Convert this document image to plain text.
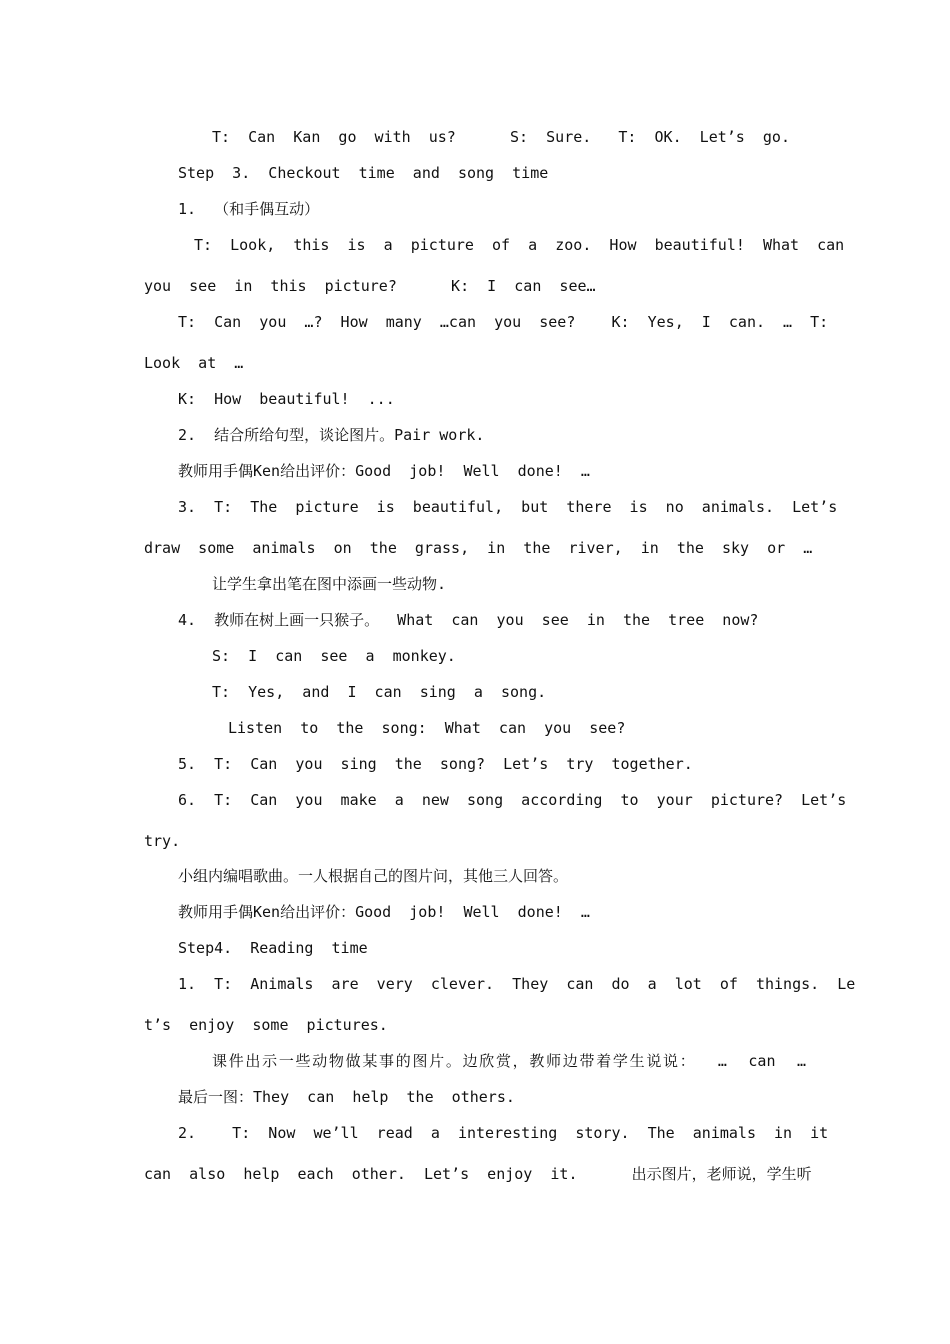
T:  Can  Kan  go  with  us?      S:  Sure.   T:  OK.  Let’s  go.
Step  3.  Checkout  time  and  song  time
1.  （和手偶互动）
T:  Look,  this  is  a  picture  of  a  zoo.  How  beautiful!  What  can
you  see  in  this  picture?      K:  I  can  see…
T:  Can  you  …?  How  many  …can  you  see?    K:  Yes,  I  can.  …  T:
Look  at  …
K:  How  beautiful!  ...
2.  结合所给句型，谈论图片。Pair work.
教师用手偶Ken给出评价：Good  job!  Well  done!  …
3.  T:  The  picture  is  beautiful,  but  there  is  no  animals.  Let’s
draw  some  animals  on  the  grass,  in  the  river,  in  the  sky  or  …
让学生拿出笔在图中添画一些动物.
4.  教师在树上画一只猴子。  What  can  you  see  in  the  tree  now?
S:  I  can  see  a  monkey.
T:  Yes,  and  I  can  sing  a  song.
Listen  to  the  song:  What  can  you  see?
5.  T:  Can  you  sing  the  song?  Let’s  try  together.
6.  T:  Can  you  make  a  new  song  according  to  your  picture?  Let’s
try.
小组内编唱歌曲。一人根据自己的图片问，其他三人回答。
教师用手偶Ken给出评价：Good  job!  Well  done!  …
Step4.  Reading  time
1.  T:  Animals  are  very  clever.  They  can  do  a  lot  of  things.  Le
t’s  enjoy  some  pictures.
课件出示一些动物做某事的图片。边欣赏，教师边带着学生说说：  …  can  …
最后一图：They  can  help  the  others.
2.    T:  Now  we’ll  read  a  interesting  story.  The  animals  in  it
can  also  help  each  other.  Let’s  enjoy  it.      出示图片，老师说，学生听
